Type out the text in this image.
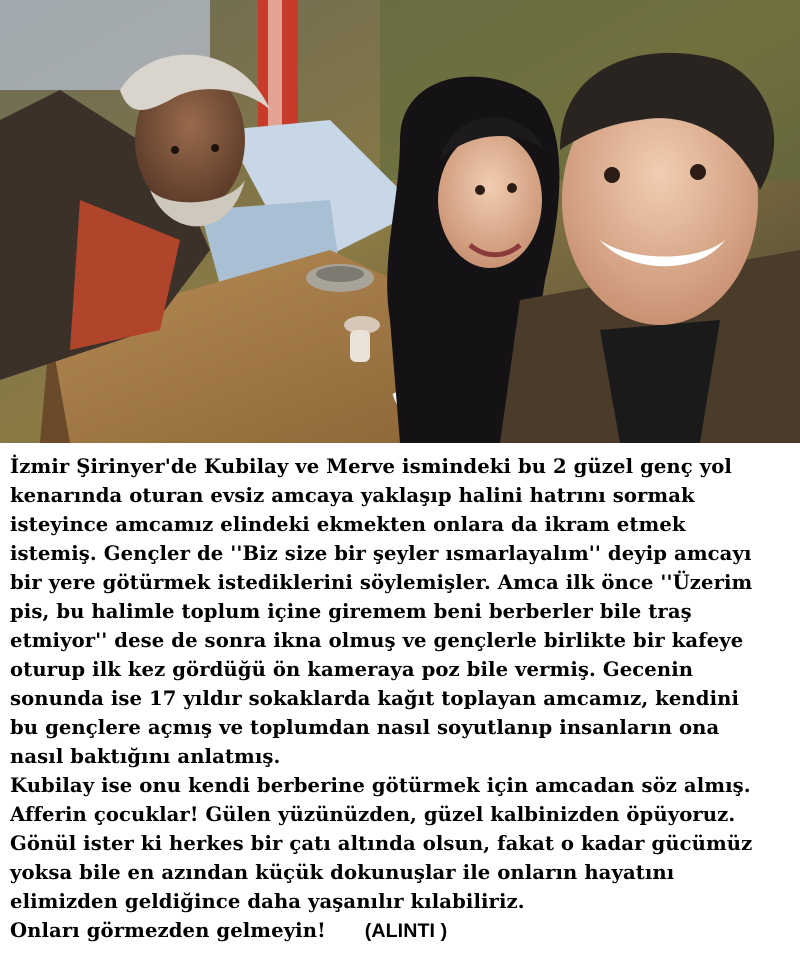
İzmir Şirinyer'de Kubilay ve Merve ismindeki bu 2 güzel genç yol
kenarında oturan evsiz amcaya yaklaşıp halini hatrını sormak
isteyince amcamız elindeki ekmekten onlara da ikram etmek
istemiş. Gençler de ''Biz size bir şeyler ısmarlayalım'' deyip amcayı
bir yere götürmek istediklerini söylemişler. Amca ilk önce ''Üzerim
pis, bu halimle toplum içine giremem beni berberler bile traş
etmiyor'' dese de sonra ikna olmuş ve gençlerle birlikte bir kafeye
oturup ilk kez gördüğü ön kameraya poz bile vermiş. Gecenin
sonunda ise 17 yıldır sokaklarda kağıt toplayan amcamız, kendini
bu gençlere açmış ve toplumdan nasıl soyutlanıp insanların ona
nasıl baktığını anlatmış.
Kubilay ise onu kendi berberine götürmek için amcadan söz almış.
Afferin çocuklar! Gülen yüzünüzden, güzel kalbinizden öpüyoruz.
Gönül ister ki herkes bir çatı altında olsun, fakat o kadar gücümüz
yoksa bile en azından küçük dokunuşlar ile onların hayatını
elimizden geldiğince daha yaşanılır kılabiliriz.
Onları görmezden gelmeyin! (ALINTI )
